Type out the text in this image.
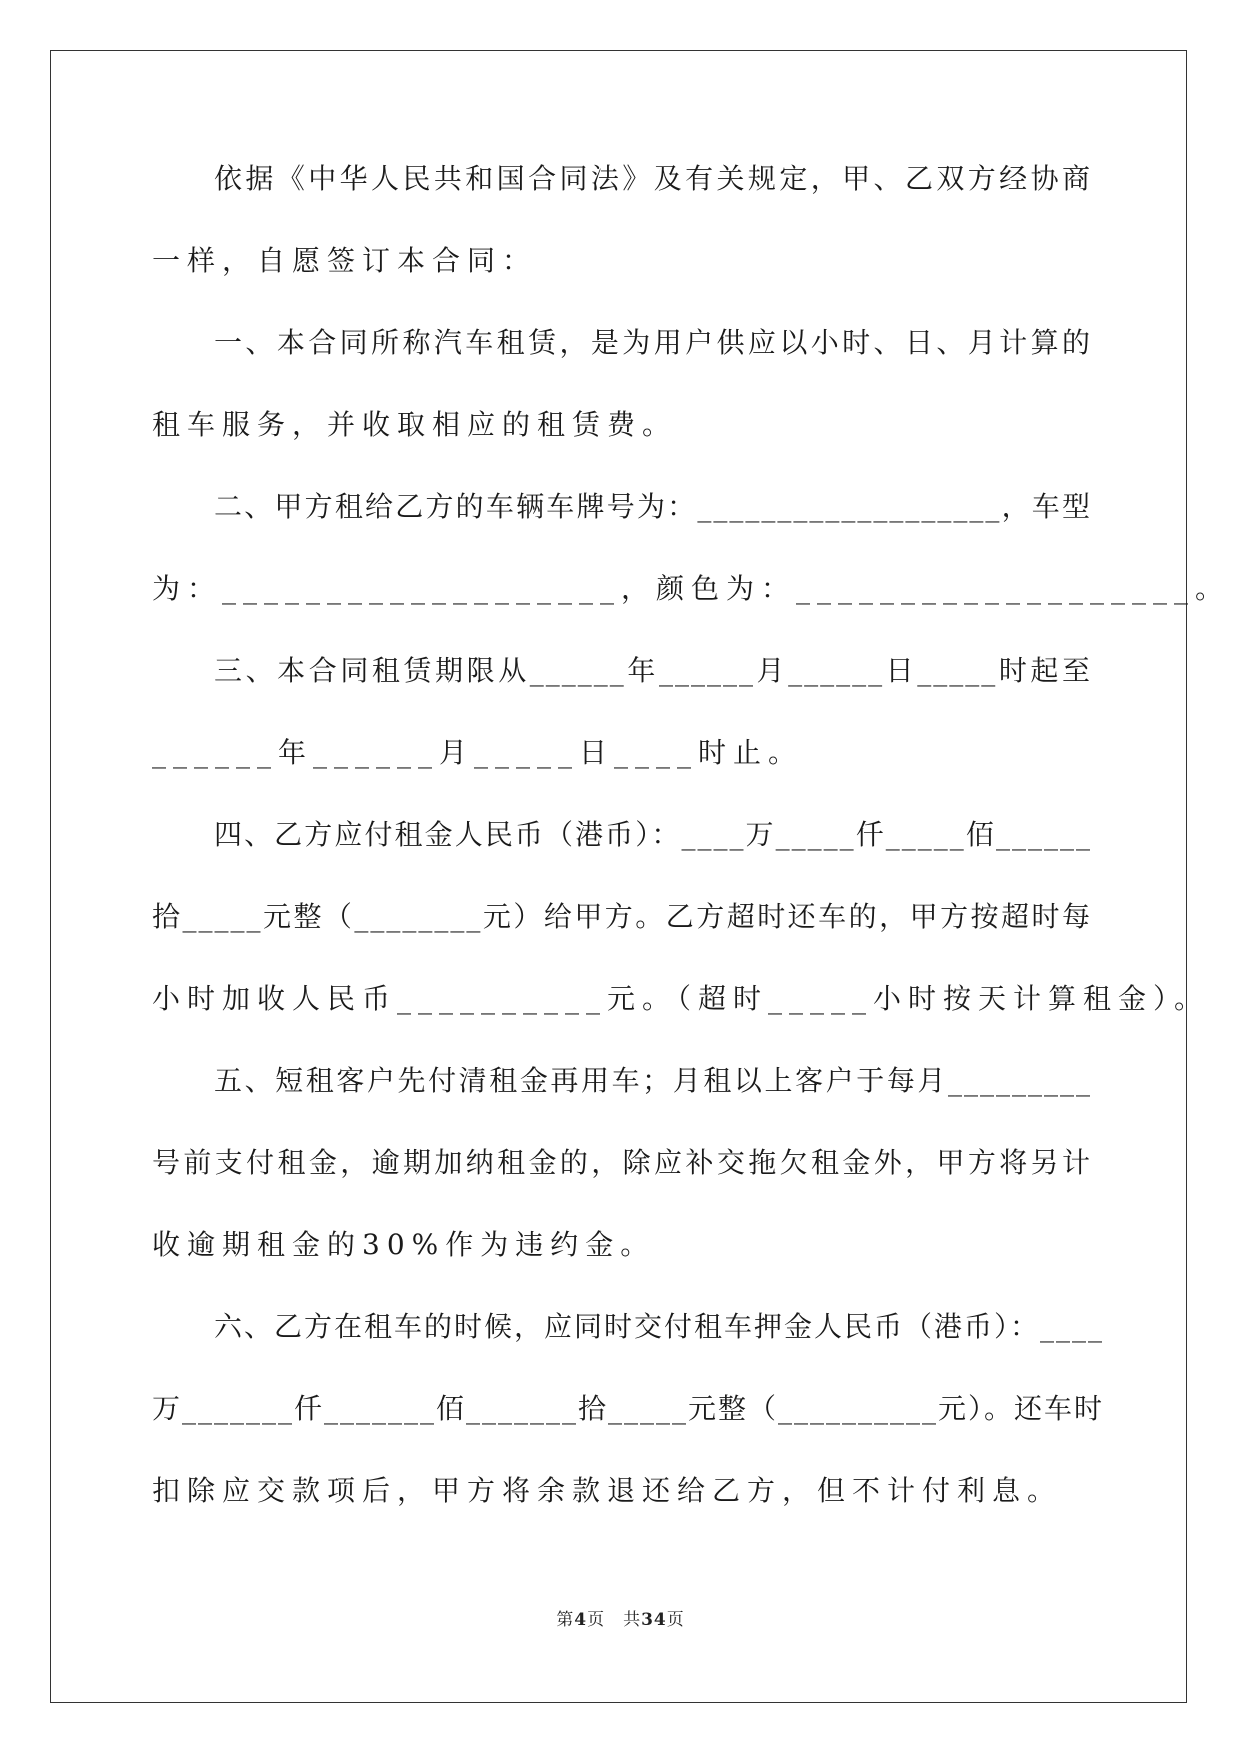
依据《中华人民共和国合同法》及有关规定，甲、乙双方经协商
一样，自愿签订本合同：
一、本合同所称汽车租赁，是为用户供应以小时、日、月计算的
租车服务，并收取相应的租赁费。
二、甲方租给乙方的车辆车牌号为：___________________，车型
为：___________________，颜色为：___________________。
三、本合同租赁期限从______年______月______日_____时起至
______年______月_____日____时止。
四、乙方应付租金人民币（港币）：____万_____仟_____佰______
拾_____元整（________元）给甲方。乙方超时还车的，甲方按超时每
小时加收人民币__________元。（超时_____小时按天计算租金）。
五、短租客户先付清租金再用车；月租以上客户于每月_________
号前支付租金，逾期加纳租金的，除应补交拖欠租金外，甲方将另计
收逾期租金的30%作为违约金。
六、乙方在租车的时候，应同时交付租车押金人民币（港币）：____
万_______仟_______佰_______拾_____元整（__________元）。还车时
扣除应交款项后，甲方将余款退还给乙方，但不计付利息。
第4页 共34页
